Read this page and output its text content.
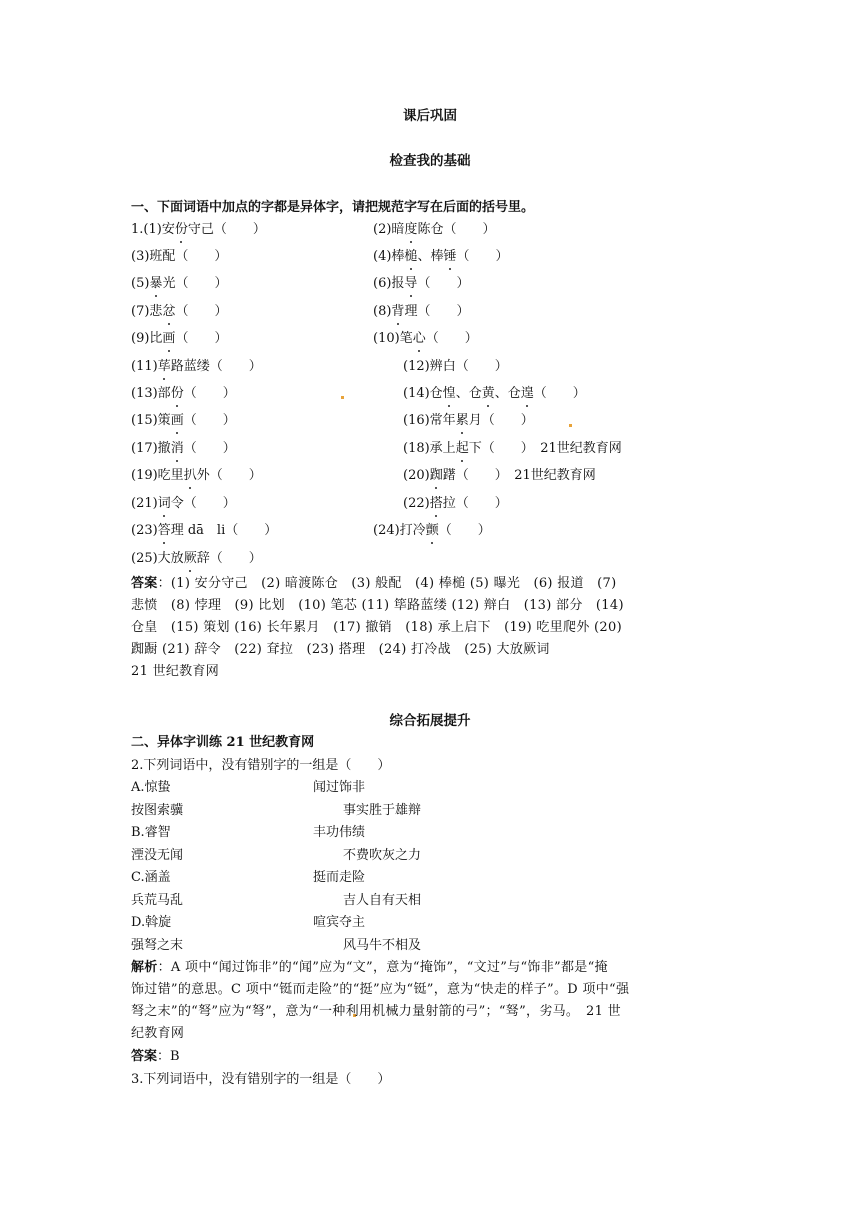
课后巩固
检查我的基础
一、下面词语中加点的字都是异体字，请把规范字写在后面的括号里。
1.(1)安份守己（　　）	(2)暗度陈仓（　　）
(3)班配（　　）	(4)棒槌、棒锤（　　）
(5)暴光（　　）	(6)报导（　　）
(7)悲忿（　　）	(8)背理（　　）
(9)比画（　　）	(10)笔心（　　）
(11)荜路蓝缕（　　）	(12)辨白（　　）
(13)部份（　　）	(14)仓惶、仓黄、仓遑（　　）
(15)策画（　　）	(16)常年累月（　　）
(17)撤消（　　）	(18)承上起下（　　）　21世纪教育网
(19)吃里扒外（　　）	(20)踟躇（　　）　21世纪教育网
(21)词令（　　）	(22)搭拉（　　）
(23)答理 dā　li（　　）	(24)打冷颤（　　）
(25)大放厥辞（　　）
答案：(1) 安分守己　(2) 暗渡陈仓　(3) 般配　(4) 棒槌 (5) 曝光　(6) 报道　(7)
悲愤　(8) 悖理　(9) 比划　(10) 笔芯 (11) 筚路蓝缕 (12) 辩白　(13) 部分　(14)
仓皇　(15) 策划 (16) 长年累月　(17) 撤销　(18) 承上启下　(19) 吃里爬外 (20)
踟蹰 (21) 辞令　(22) 耷拉　(23) 搭理　(24) 打冷战　(25) 大放厥词
21 世纪教育网
综合拓展提升
二、异体字训练 21 世纪教育网
2.下列词语中，没有错别字的一组是（　　）
A.惊蛰	闻过饰非
按图索骥	事实胜于雄辩
B.睿智	丰功伟绩
湮没无闻	不费吹灰之力
C.涵盖	挺而走险
兵荒马乱	吉人自有天相
D.斡旋	喧宾夺主
强弩之末	风马牛不相及
解析：A 项中“闻过饰非”的“闻”应为“文”，意为“掩饰”，“文过”与“饰非”都是“掩
饰过错”的意思。C 项中“铤而走险”的“挺”应为“铤”，意为“快走的样子”。D 项中“强
弩之末”的“弩”应为“弩”，意为“一种利用机械力量射箭的弓”；“驽”，劣马。　21 世
纪教育网
答案：B
3.下列词语中，没有错别字的一组是（　　）
